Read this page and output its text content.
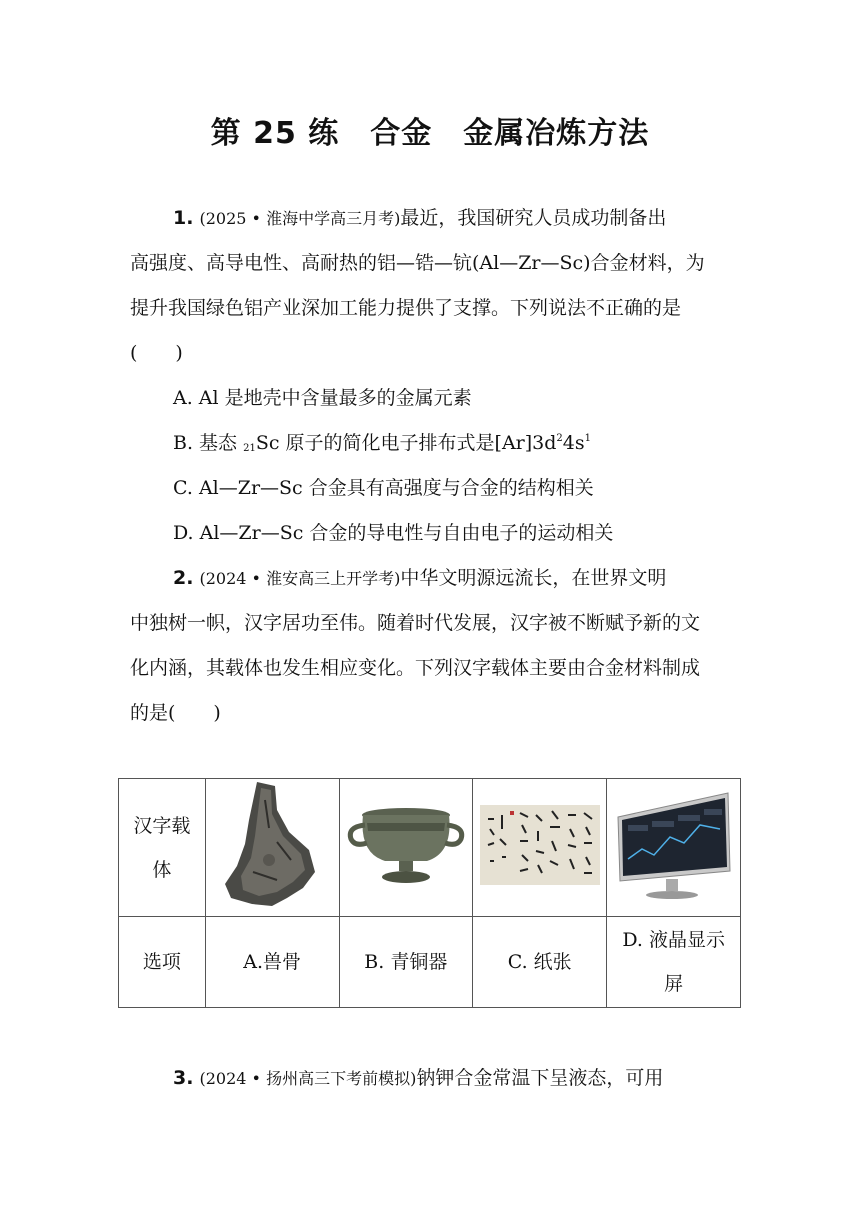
第 25 练　合金　金属冶炼方法
1. (2025 • 淮海中学高三月考)最近，我国研究人员成功制备出
高强度、高导电性、高耐热的铝—锆—钪(Al—Zr—Sc)合金材料，为
提升我国绿色铝产业深加工能力提供了支撑。下列说法不正确的是
(　　)
A. Al 是地壳中含量最多的金属元素
B. 基态 $_{21}$Sc 原子的简化电子排布式是$[Ar]3d^24s^1$
C. Al—Zr—Sc 合金具有高强度与合金的结构相关
D. Al—Zr—Sc 合金的导电性与自由电子的运动相关
2. (2024 • 淮安高三上开学考)中华文明源远流长，在世界文明
中独树一帜，汉字居功至伟。随着时代发展，汉字被不断赋予新的文
化内涵，其载体也发生相应变化。下列汉字载体主要由合金材料制成
的是(　　)
汉字载
体

选项	A.兽骨	B. 青铜器	C. 纸张	D. 液晶显示
屏
3. (2024 • 扬州高三下考前模拟)钠钾合金常温下呈液态，可用
